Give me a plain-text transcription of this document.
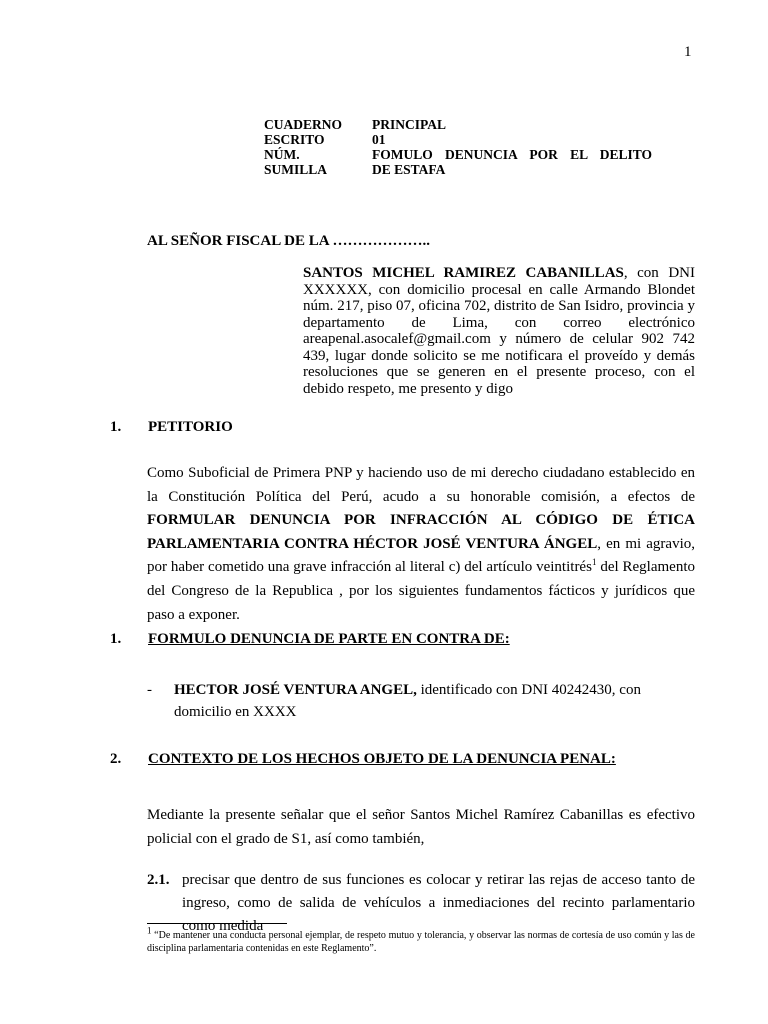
1
CUADERNO	PRINCIPAL
ESCRITO	01
NÚM.	FOMULO DENUNCIA POR EL DELITO
SUMILLA	DE ESTAFA
AL SEÑOR FISCAL DE LA ………………..
SANTOS MICHEL RAMIREZ CABANILLAS, con DNI XXXXXX, con domicilio procesal en calle Armando Blondet núm. 217, piso 07, oficina 702, distrito de San Isidro, provincia y departamento de Lima, con correo electrónico areapenal.asocalef@gmail.com y número de celular 902 742 439, lugar donde solicito se me notificara el proveído y demás resoluciones que se generen en el presente proceso, con el debido respeto, me presento y digo
1. PETITORIO
Como Suboficial de Primera PNP y haciendo uso de mi derecho ciudadano establecido en la Constitución Política del Perú, acudo a su honorable comisión, a efectos de FORMULAR DENUNCIA POR INFRACCIÓN AL CÓDIGO DE ÉTICA PARLAMENTARIA CONTRA HÉCTOR JOSÉ VENTURA ÁNGEL, en mi agravio, por haber cometido una grave infracción al literal c) del artículo veintitrés$^1$ del Reglamento del Congreso de la Republica , por los siguientes fundamentos fácticos y jurídicos que paso a exponer.
1. FORMULO DENUNCIA DE PARTE EN CONTRA DE:
- HECTOR JOSÉ VENTURA ANGEL, identificado con DNI 40242430, con domicilio en XXXX
2. CONTEXTO DE LOS HECHOS OBJETO DE LA DENUNCIA PENAL:
Mediante la presente señalar que el señor Santos Michel Ramírez Cabanillas es efectivo policial con el grado de S1, así como también,
2.1. precisar que dentro de sus funciones es colocar y retirar las rejas de acceso tanto de ingreso, como de salida de vehículos a inmediaciones del recinto parlamentario como medida
$^1$ “De mantener una conducta personal ejemplar, de respeto mutuo y tolerancia, y observar las normas de cortesía de uso común y las de disciplina parlamentaria contenidas en este Reglamento”.
